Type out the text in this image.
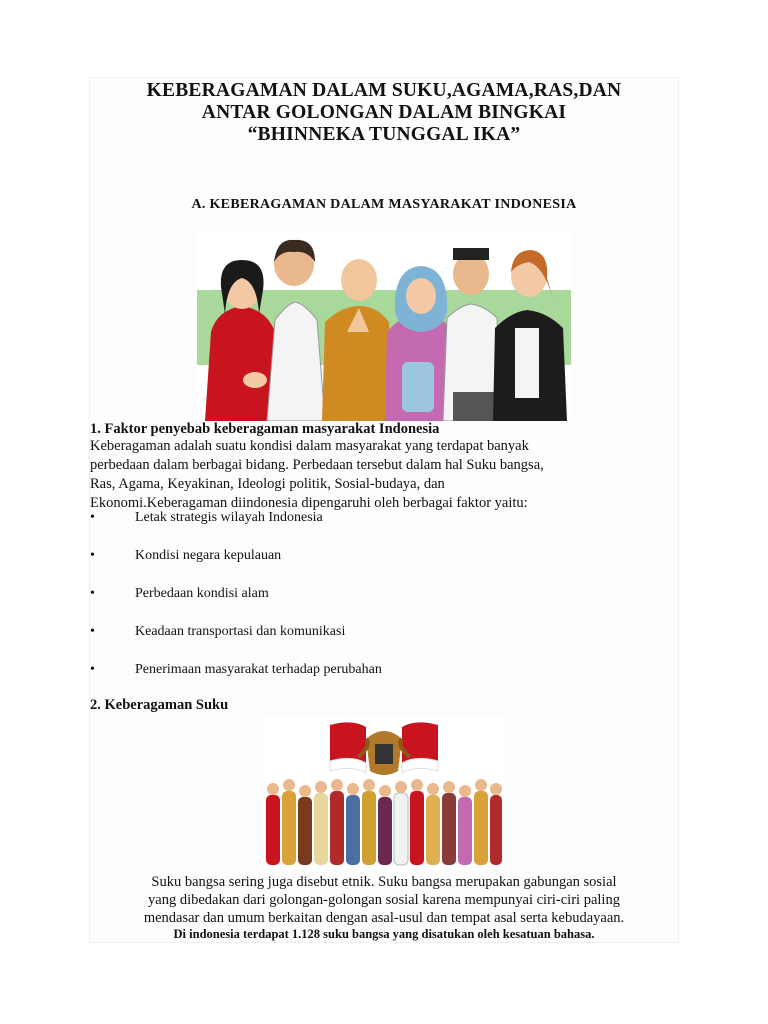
KEBERAGAMAN DALAM SUKU,AGAMA,RAS,DAN
ANTAR GOLONGAN DALAM BINGKAI
“BHINNEKA TUNGGAL IKA”
A. KEBERAGAMAN DALAM MASYARAKAT INDONESIA
1. Faktor penyebab keberagaman masyarakat Indonesia
Keberagaman adalah suatu kondisi dalam masyarakat yang terdapat banyak
perbedaan dalam berbagai bidang. Perbedaan tersebut dalam hal Suku bangsa,
Ras, Agama, Keyakinan, Ideologi politik, Sosial-budaya, dan
Ekonomi.Keberagaman diindonesia dipengaruhi oleh berbagai faktor yaitu:
•	Letak strategis wilayah Indonesia
•	Kondisi negara kepulauan
•	Perbedaan kondisi alam
•	Keadaan transportasi dan komunikasi
•	Penerimaan masyarakat terhadap perubahan
2. Keberagaman Suku
Suku bangsa sering juga disebut etnik. Suku bangsa merupakan gabungan sosial
yang dibedakan dari golongan-golongan sosial karena mempunyai ciri-ciri paling
mendasar dan umum berkaitan dengan asal-usul dan tempat asal serta kebudayaan.
Di indonesia terdapat 1.128 suku bangsa yang disatukan oleh kesatuan bahasa.
